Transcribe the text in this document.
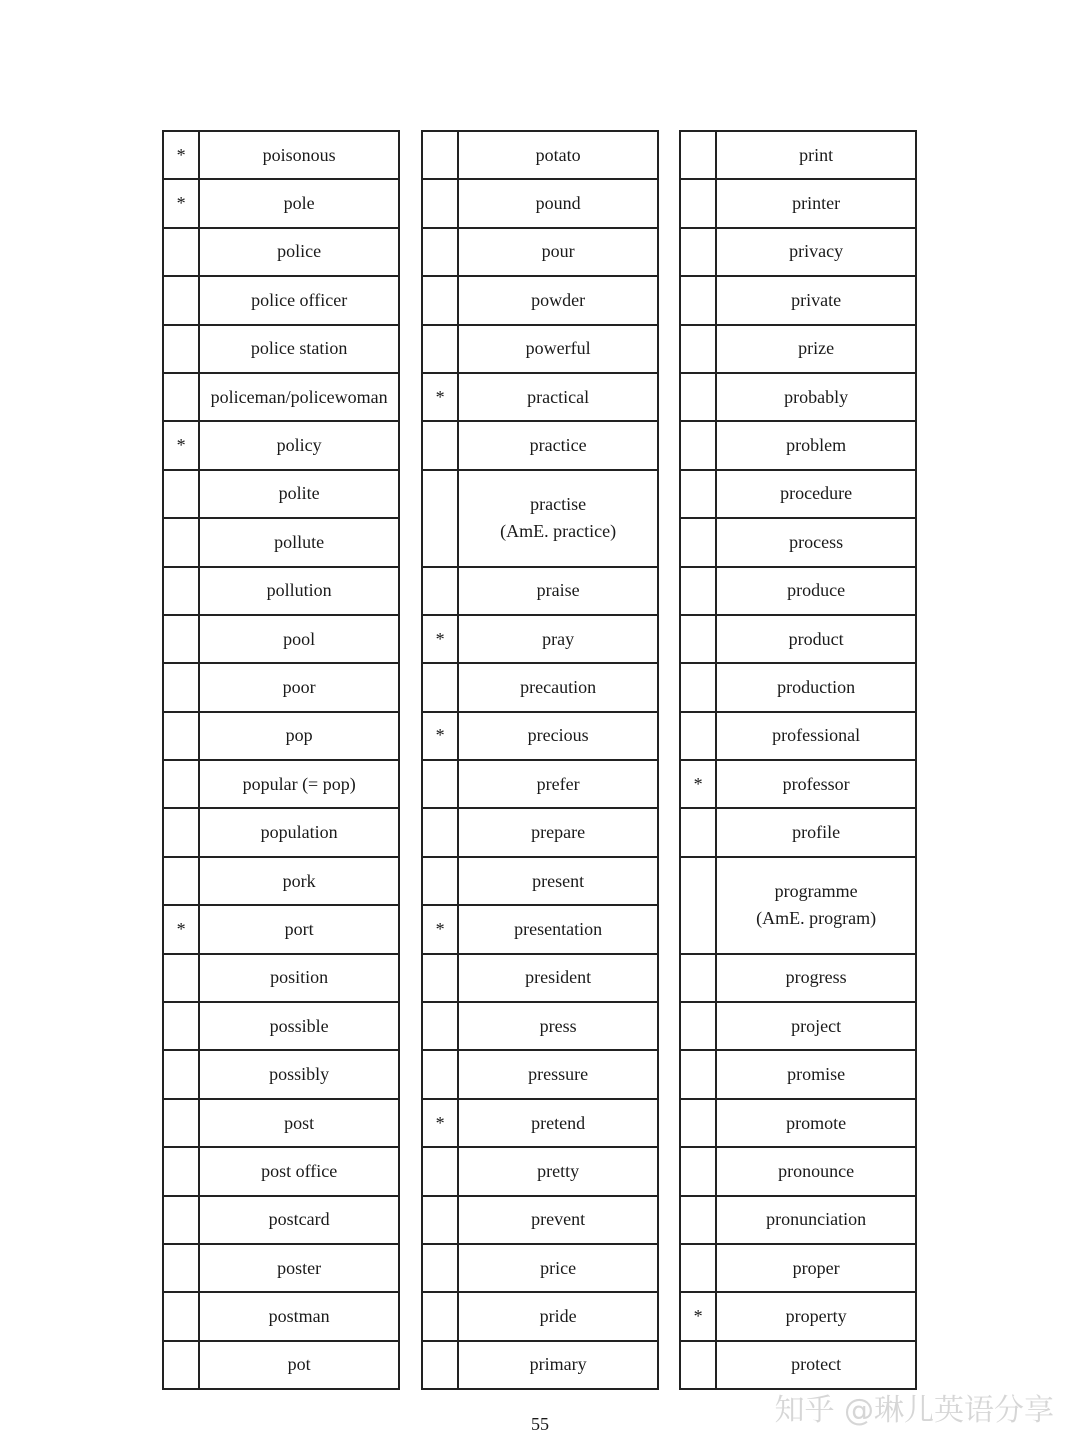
*	poisonous
*	pole
	police
	police officer
	police station
	policeman/policewoman
*	policy
	polite
	pollute
	pollution
	pool
	poor
	pop
	popular (= pop)
	population
	pork
*	port
	position
	possible
	possibly
	post
	post office
	postcard
	poster
	postman
	pot
	potato
	pound
	pour
	powder
	powerful
*	practical
	practice
	practise
(AmE. practice)
	praise
*	pray
	precaution
*	precious
	prefer
	prepare
	present
*	presentation
	president
	press
	pressure
*	pretend
	pretty
	prevent
	price
	pride
	primary
	print
	printer
	privacy
	private
	prize
	probably
	problem
	procedure
	process
	produce
	product
	production
	professional
*	professor
	profile
	programme
(AmE. program)
	progress
	project
	promise
	promote
	pronounce
	pronunciation
	proper
*	property
	protect
55	知乎 @琳儿英语分享
